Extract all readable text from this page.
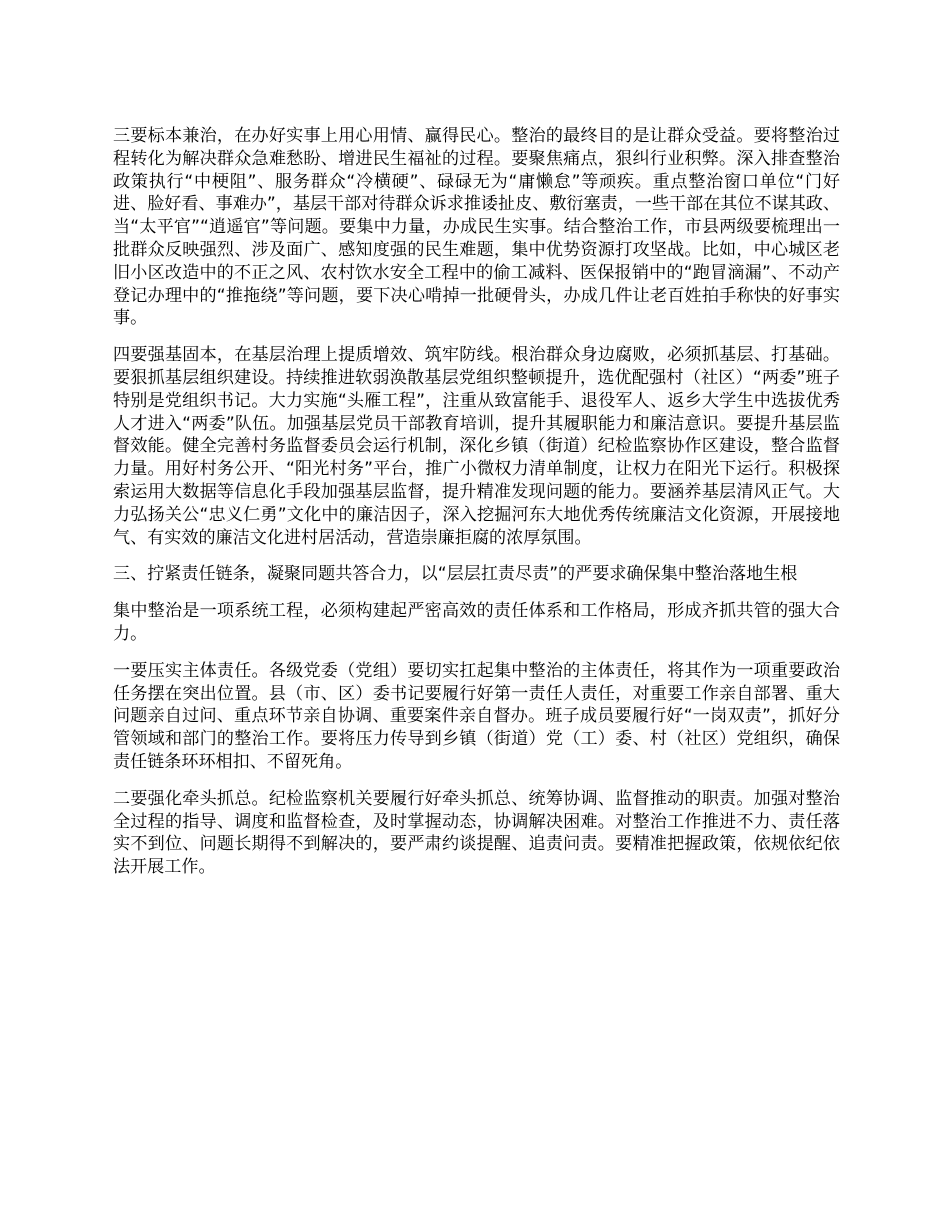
三要标本兼治，在办好实事上用心用情、赢得民心。整治的最终目的是让群众受益。要将整治过程转化为解决群众急难愁盼、增进民生福祉的过程。要聚焦痛点，狠纠行业积弊。深入排查整治政策执行“中梗阻”、服务群众“冷横硬”、碌碌无为“庸懒怠”等顽疾。重点整治窗口单位“门好进、脸好看、事难办”，基层干部对待群众诉求推诿扯皮、敷衍塞责，一些干部在其位不谋其政、当“太平官”“逍遥官”等问题。要集中力量，办成民生实事。结合整治工作，市县两级要梳理出一批群众反映强烈、涉及面广、感知度强的民生难题，集中优势资源打攻坚战。比如，中心城区老旧小区改造中的不正之风、农村饮水安全工程中的偷工减料、医保报销中的“跑冒滴漏”、不动产登记办理中的“推拖绕”等问题，要下决心啃掉一批硬骨头，办成几件让老百姓拍手称快的好事实事。

四要强基固本，在基层治理上提质增效、筑牢防线。根治群众身边腐败，必须抓基层、打基础。要狠抓基层组织建设。持续推进软弱涣散基层党组织整顿提升，选优配强村（社区）“两委”班子特别是党组织书记。大力实施“头雁工程”，注重从致富能手、退役军人、返乡大学生中选拔优秀人才进入“两委”队伍。加强基层党员干部教育培训，提升其履职能力和廉洁意识。要提升基层监督效能。健全完善村务监督委员会运行机制，深化乡镇（街道）纪检监察协作区建设，整合监督力量。用好村务公开、“阳光村务”平台，推广小微权力清单制度，让权力在阳光下运行。积极探索运用大数据等信息化手段加强基层监督，提升精准发现问题的能力。要涵养基层清风正气。大力弘扬关公“忠义仁勇”文化中的廉洁因子，深入挖掘河东大地优秀传统廉洁文化资源，开展接地气、有实效的廉洁文化进村居活动，营造崇廉拒腐的浓厚氛围。

三、拧紧责任链条，凝聚同题共答合力，以“层层扛责尽责”的严要求确保集中整治落地生根

集中整治是一项系统工程，必须构建起严密高效的责任体系和工作格局，形成齐抓共管的强大合力。

一要压实主体责任。各级党委（党组）要切实扛起集中整治的主体责任，将其作为一项重要政治任务摆在突出位置。县（市、区）委书记要履行好第一责任人责任，对重要工作亲自部署、重大问题亲自过问、重点环节亲自协调、重要案件亲自督办。班子成员要履行好“一岗双责”，抓好分管领域和部门的整治工作。要将压力传导到乡镇（街道）党（工）委、村（社区）党组织，确保责任链条环环相扣、不留死角。

二要强化牵头抓总。纪检监察机关要履行好牵头抓总、统筹协调、监督推动的职责。加强对整治全过程的指导、调度和监督检查，及时掌握动态，协调解决困难。对整治工作推进不力、责任落实不到位、问题长期得不到解决的，要严肃约谈提醒、追责问责。要精准把握政策，依规依纪依法开展工作。
